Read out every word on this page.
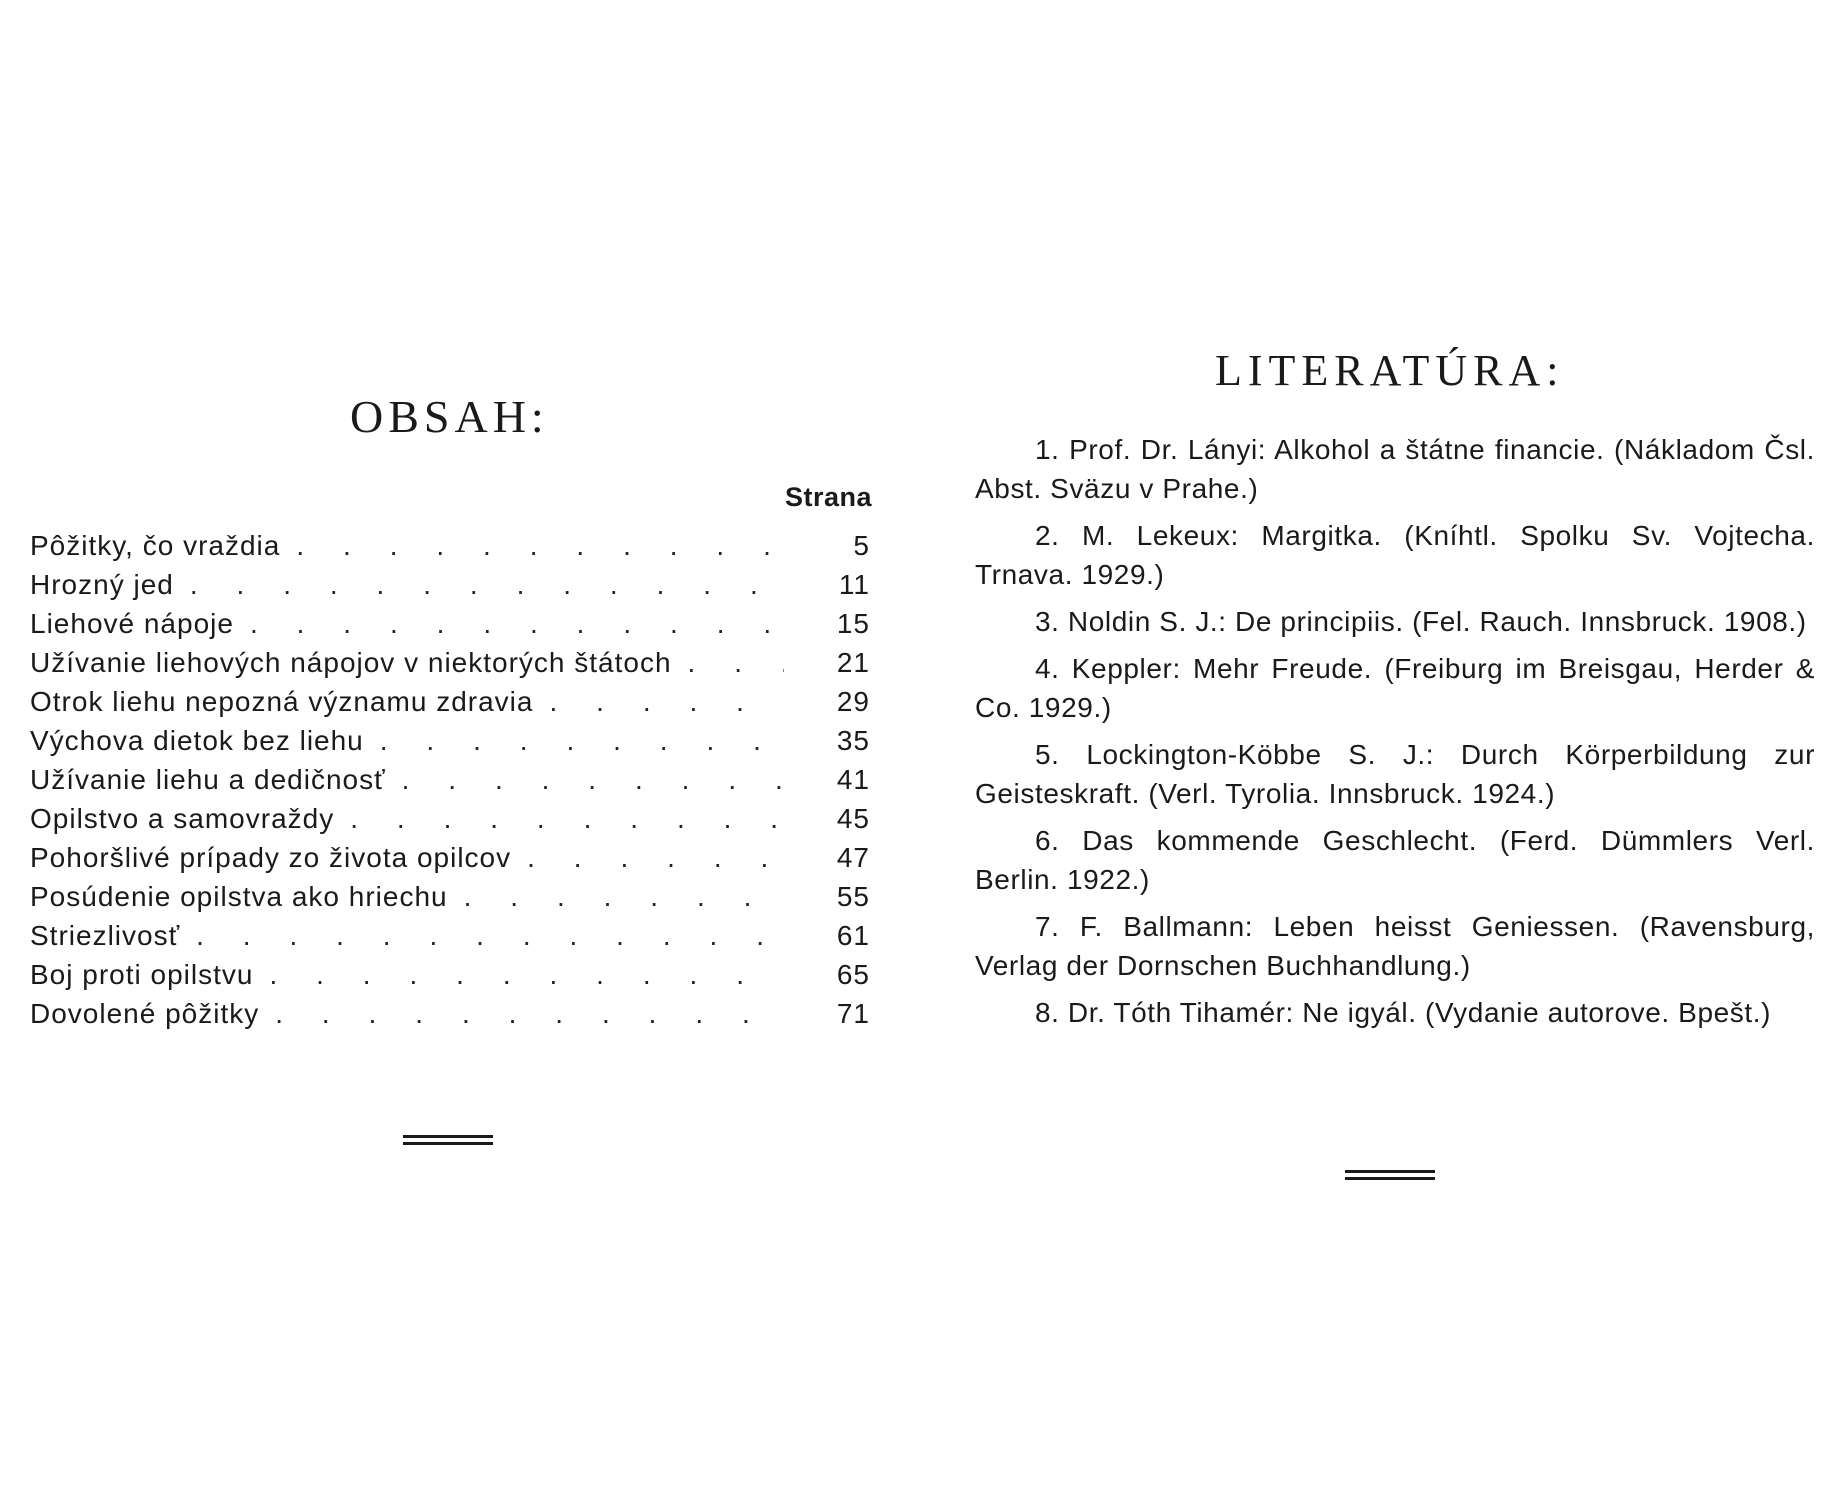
OBSAH:
Strana
Pôžitky, čo vraždia .	5
Hrozný jed .	11
Liehové nápoje .	15
Užívanie liehových nápojov v niektorých štátoch .	21
Otrok liehu nepozná významu zdravia .	29
Výchova dietok bez liehu .	35
Užívanie liehu a dedičnosť .	41
Opilstvo a samovraždy .	45
Pohoršlivé prípady zo života opilcov .	47
Posúdenie opilstva ako hriechu .	55
Striezlivosť .	61
Boj proti opilstvu .	65
Dovolené pôžitky .	71
LITERATÚRA:
1. Prof. Dr. Lányi: Alkohol a štátne financie. (Nákladom Čsl. Abst. Sväzu v Prahe.)
2. M. Lekeux: Margitka. (Kníhtl. Spolku Sv. Vojtecha. Trnava. 1929.)
3. Noldin S. J.: De principiis. (Fel. Rauch. Innsbruck. 1908.)
4. Keppler: Mehr Freude. (Freiburg im Breisgau, Herder & Co. 1929.)
5. Lockington-Köbbe S. J.: Durch Körperbildung zur Geisteskraft. (Verl. Tyrolia. Innsbruck. 1924.)
6. Das kommende Geschlecht. (Ferd. Dümmlers Verl. Berlin. 1922.)
7. F. Ballmann: Leben heisst Geniessen. (Ravensburg, Verlag der Dornschen Buchhandlung.)
8. Dr. Tóth Tihamér: Ne igyál. (Vydanie autorove. Bpešt.)
